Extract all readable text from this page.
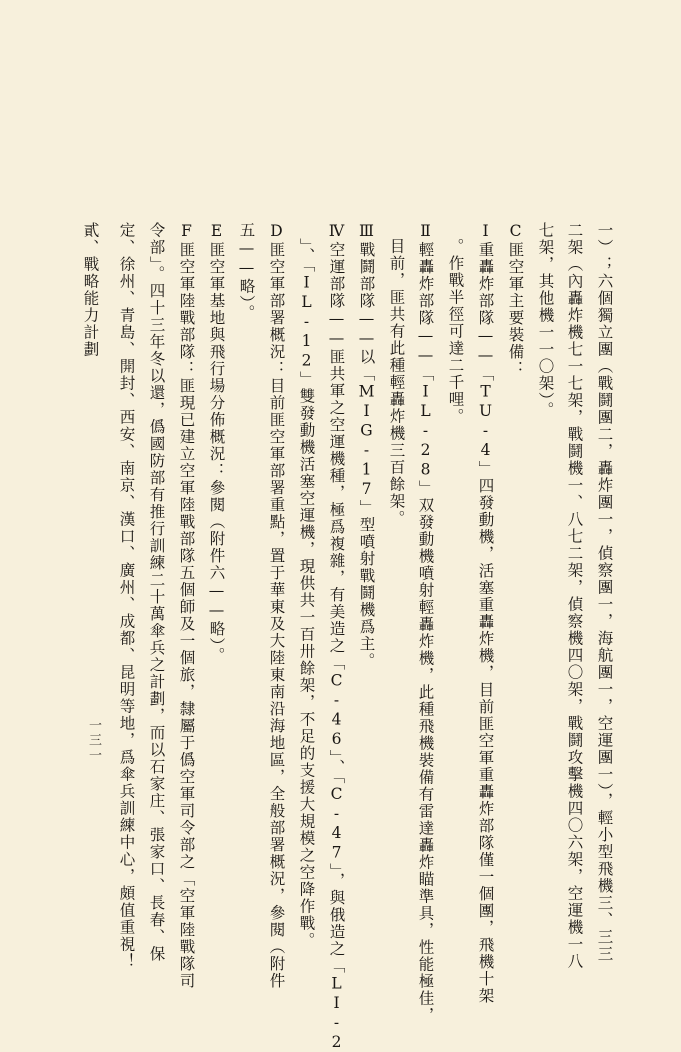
一）；六個獨立團（戰鬪團二，轟炸團一，偵察團一，海航團一，空運團一），輕小型飛機三、三三
二架（內轟炸機七一七架，戰鬪機一、八七二架，偵察機四〇架，戰鬪攻擊機四〇六架，空運機一八
七架，其他機一一〇架）。
C匪空軍主要裝備：
Ⅰ重轟炸部隊——「TU-4」四發動機，活塞重轟炸機，目前匪空軍重轟炸部隊僅一個團，飛機十架
。作戰半徑可達二千哩。
Ⅱ輕轟炸部隊——「IL-28」双發動機噴射輕轟炸機，此種飛機裝備有雷達轟炸瞄準具，性能極佳，
目前，匪共有此種輕轟炸機三百餘架。
Ⅲ戰鬪部隊——以「MIG-17」型噴射戰鬪機爲主。
Ⅳ空運部隊——匪共軍之空運機種，極爲複雜，有美造之「C-46」、「C-47」，與俄造之「LI-2
」、「IL-12」雙發動機活塞空運機，現供共一百卅餘架，不足的支援大規模之空降作戰。
D匪空軍部署概況：目前匪空軍部署重點，置于華東及大陸東南沿海地區，全般部署概況，參閱（附件
五——略）。
E匪空軍基地與飛行場分佈概況：參閱（附件六——略）。
F匪空軍陸戰部隊：匪現已建立空軍陸戰部隊五個師及一個旅，隸屬于僞空軍司令部之「空軍陸戰隊司
令部」。四十三年冬以還，僞國防部有推行訓練二十萬傘兵之計劃，而以石家庄、張家口、長春、保
定、徐州、青島、開封、西安、南京、漢口、廣州、成都、昆明等地，爲傘兵訓練中心，頗值重視！
貳、戰略能力計劃
一三一
